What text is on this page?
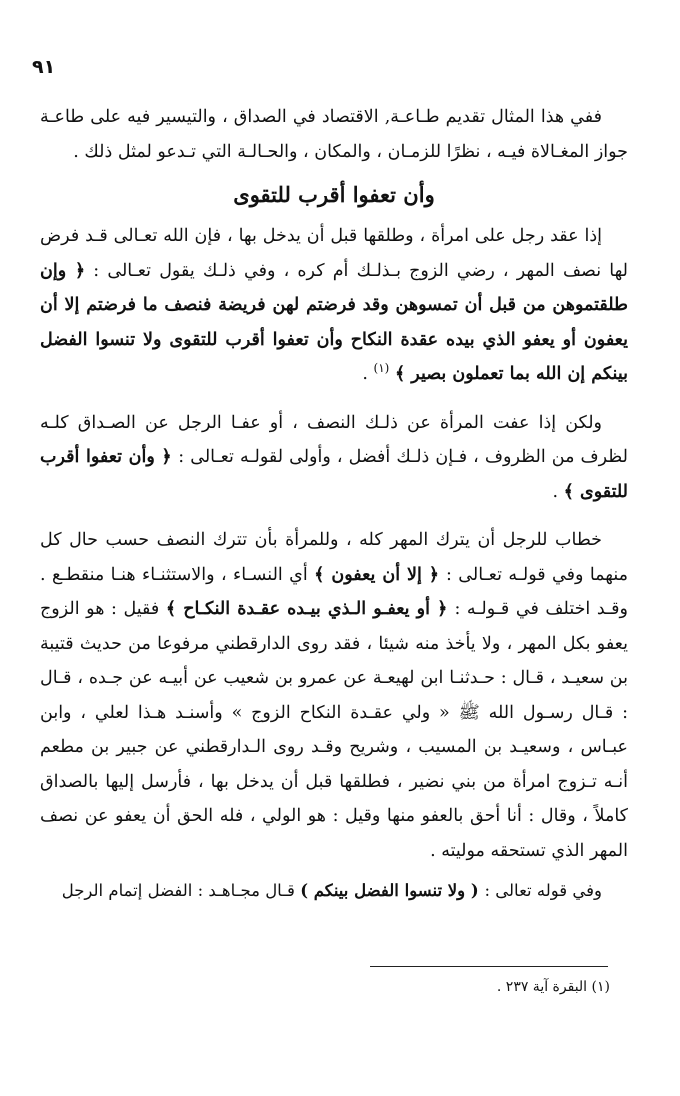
٩١

ففي هذا المثال تقديم طـاعـة, الاقتصاد في الصداق ، والتيسير فيه على طاعـة جواز المغـالاة فيـه ، نظرًا للزمـان ، والمكان ، والحـالـة التي تـدعو لمثل ذلك .

وأن تعفوا أقرب للتقوى

إذا عقد رجل على امرأة ، وطلقها قبل أن يدخل بها ، فإن الله تعـالى قـد فرض لها نصف المهر ، رضي الزوج بـذلـك أم كره ، وفي ذلـك يقول تعـالى : ﴿ وإن طلقتموهن من قبل أن تمسوهن وقد فرضتم لهن فريضة فنصف ما فرضتم إلا أن يعفون أو يعفو الذي بيده عقدة النكاح وأن تعفوا أقرب للتقوى ولا تنسوا الفضل بينكم إن الله بما تعملون بصير ﴾ $^{(١)}$ .

ولكن إذا عفت المرأة عن ذلـك النصف ، أو عفـا الرجل عن الصـداق كلـه لظرف من الظروف ، فـإن ذلـك أفضل ، وأولى لقولـه تعـالى : ﴿ وأن تعفوا أقرب للتقوى ﴾ .

خطاب للرجل أن يترك المهر كله ، وللمرأة بأن تترك النصف حسب حال كل منهما وفي قولـه تعـالى : ﴿ إلا أن يعفون ﴾ أي النسـاء ، والاستثنـاء هنـا منقطـع . وقـد اختلف في قـولـه : ﴿ أو يعفـو الـذي بيـده عقـدة النكـاح ﴾ فقيل : هو الزوج يعفو بكل المهر ، ولا يأخذ منه شيئا ، فقد روى الدارقطني مرفوعا من حديث قتيبة بن سعيـد ، قـال : حـدثنـا ابن لهيعـة عن عمرو بن شعيب عن أبيـه عن جـده ، قـال : قـال رسـول الله ﷺ « ولي عقـدة النكاح الزوج » وأسنـد هـذا لعلي ، وابن عبـاس ، وسعيـد بن المسيب ، وشريح وقـد روى الـدارقطني عن جبير بن مطعم أنـه تـزوج امرأة من بني نضير ، فطلقها قبل أن يدخل بها ، فأرسل إليها بالصداق كاملاً ، وقال : أنا أحق بالعفو منها وقيل : هو الولي ، فله الحق أن يعفو عن نصف المهر الذي تستحقه موليته .

وفي قوله تعالى : ( ولا تنسوا الفضل بينكم ) قـال مجـاهـد : الفضل إتمام الرجل

(١) البقرة آية ٢٣٧ .
